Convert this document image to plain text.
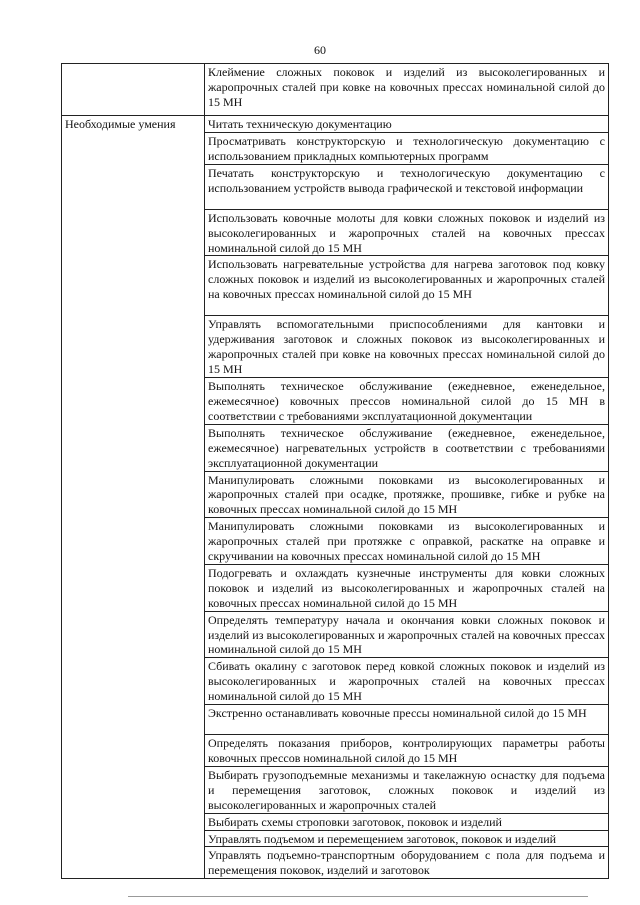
60
	Клеймение сложных поковок и изделий из высоколегированных и жаропрочных сталей при ковке на ковочных прессах номинальной силой до 15 МН
Необходимые умения	Читать техническую документацию
	Просматривать конструкторскую и технологическую документацию с использованием прикладных компьютерных программ
	Печатать конструкторскую и технологическую документацию с использованием устройств вывода графической и текстовой информации
	Использовать ковочные молоты для ковки сложных поковок и изделий из высоколегированных и жаропрочных сталей на ковочных прессах номинальной силой до 15 МН
	Использовать нагревательные устройства для нагрева заготовок под ковку сложных поковок и изделий из высоколегированных и жаропрочных сталей на ковочных прессах номинальной силой до 15 МН
	Управлять вспомогательными приспособлениями для кантовки и удерживания заготовок и сложных поковок из высоколегированных и жаропрочных сталей при ковке на ковочных прессах номинальной силой до 15 МН
	Выполнять техническое обслуживание (ежедневное, еженедельное, ежемесячное) ковочных прессов номинальной силой до 15 МН в соответствии с требованиями эксплуатационной документации
	Выполнять техническое обслуживание (ежедневное, еженедельное, ежемесячное) нагревательных устройств в соответствии с требованиями эксплуатационной документации
	Манипулировать сложными поковками из высоколегированных и жаропрочных сталей при осадке, протяжке, прошивке, гибке и рубке на ковочных прессах номинальной силой до 15 МН
	Манипулировать сложными поковками из высоколегированных и жаропрочных сталей при протяжке с оправкой, раскатке на оправке и скручивании на ковочных прессах номинальной силой до 15 МН
	Подогревать и охлаждать кузнечные инструменты для ковки сложных поковок и изделий из высоколегированных и жаропрочных сталей на ковочных прессах номинальной силой до 15 МН
	Определять температуру начала и окончания ковки сложных поковок и изделий из высоколегированных и жаропрочных сталей на ковочных прессах номинальной силой до 15 МН
	Сбивать окалину с заготовок перед ковкой сложных поковок и изделий из высоколегированных и жаропрочных сталей на ковочных прессах номинальной силой до 15 МН
	Экстренно останавливать ковочные прессы номинальной силой до 15 МН
	Определять показания приборов, контролирующих параметры работы ковочных прессов номинальной силой до 15 МН
	Выбирать грузоподъемные механизмы и такелажную оснастку для подъема и перемещения заготовок, сложных поковок и изделий из высоколегированных и жаропрочных сталей
	Выбирать схемы строповки заготовок, поковок и изделий
	Управлять подъемом и перемещением заготовок, поковок и изделий
	Управлять подъемно-транспортным оборудованием с пола для подъема и перемещения поковок, изделий и заготовок
